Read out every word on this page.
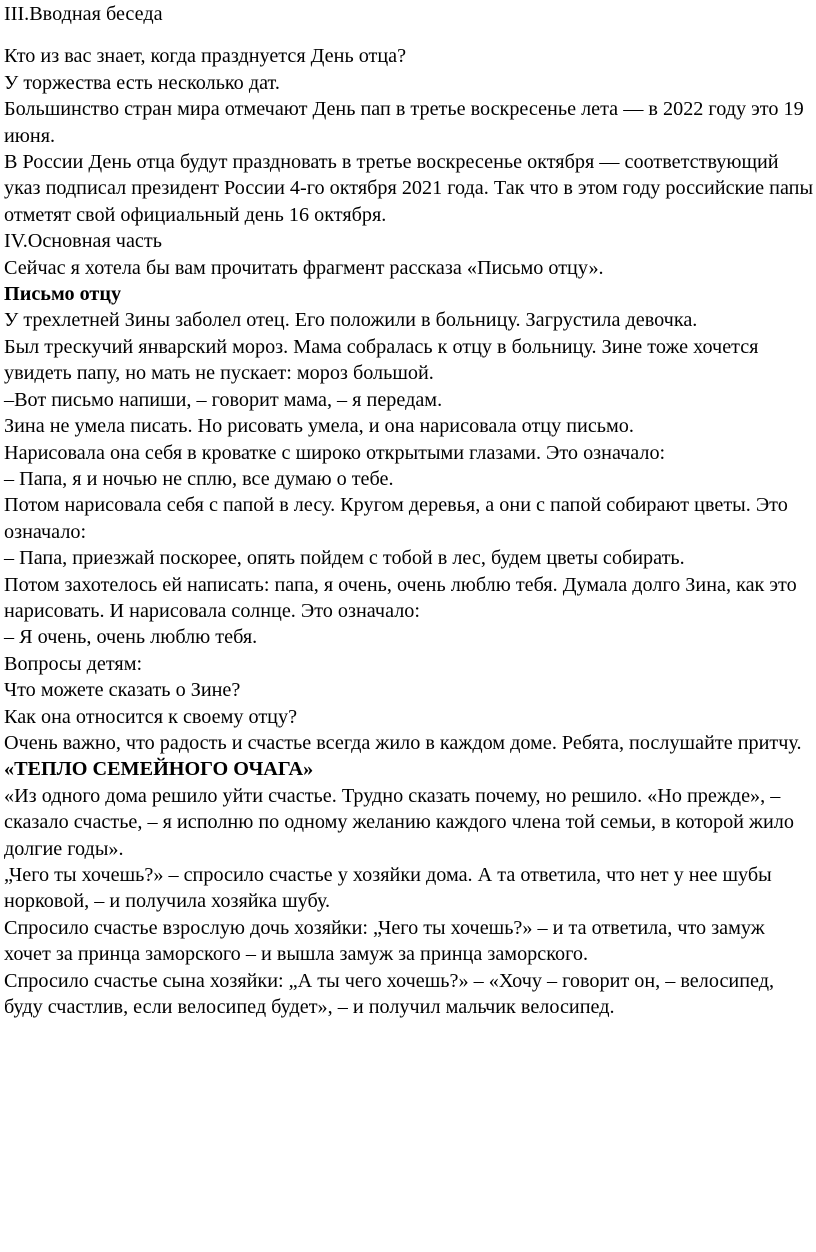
III.Вводная беседа

Кто из вас знает, когда празднуется День отца?

У торжества есть несколько дат.

Большинство стран мира отмечают День пап в третье воскресенье лета — в 2022 году это 19 июня.

В России День отца будут праздновать в третье воскресенье октября — соответствующий указ подписал президент России 4-го октября 2021 года. Так что в этом году российские папы отметят свой официальный день 16 октября.

IV.Основная часть

Сейчас я хотела бы вам прочитать фрагмент рассказа «Письмо отцу».

Письмо отцу

У трехлетней Зины заболел отец. Его положили в больницу. Загрустила девочка.

Был трескучий январский мороз. Мама собралась к отцу в больницу. Зине тоже хочется увидеть папу, но мать не пускает: мороз большой.

–Вот письмо напиши, – говорит мама, – я передам.

Зина не умела писать. Но рисовать умела, и она нарисовала отцу письмо.

Нарисовала она себя в кроватке с широко открытыми глазами. Это означало:

– Папа, я и ночью не сплю, все думаю о тебе.

Потом нарисовала себя с папой в лесу. Кругом деревья, а они с папой собирают цветы. Это означало:

– Папа, приезжай поскорее, опять пойдем с тобой в лес, будем цветы собирать.

Потом захотелось ей написать: папа, я очень, очень люблю тебя. Думала долго Зина, как это нарисовать. И нарисовала солнце. Это означало:

– Я очень, очень люблю тебя.

Вопросы детям:

Что можете сказать о Зине?

Как она относится к своему отцу?

Очень важно, что радость и счастье всегда жило в каждом доме. Ребята, послушайте притчу.

«ТЕПЛО СЕМЕЙНОГО ОЧАГА»

«Из одного дома решило уйти счастье. Трудно сказать почему, но решило. «Но прежде», – сказало счастье, – я исполню по одному желанию каждого члена той семьи, в которой жило долгие годы».

„Чего ты хочешь?» – спросило счастье у хозяйки дома. А та ответила, что нет у нее шубы норковой, – и получила хозяйка шубу.

Спросило счастье взрослую дочь хозяйки: „Чего ты хочешь?» – и та ответила, что замуж хочет за принца заморского – и вышла замуж за принца заморского.

Спросило счастье сына хозяйки: „А ты чего хочешь?» – «Хочу – говорит он, – велосипед, буду счастлив, если велосипед будет», – и получил мальчик велосипед.
